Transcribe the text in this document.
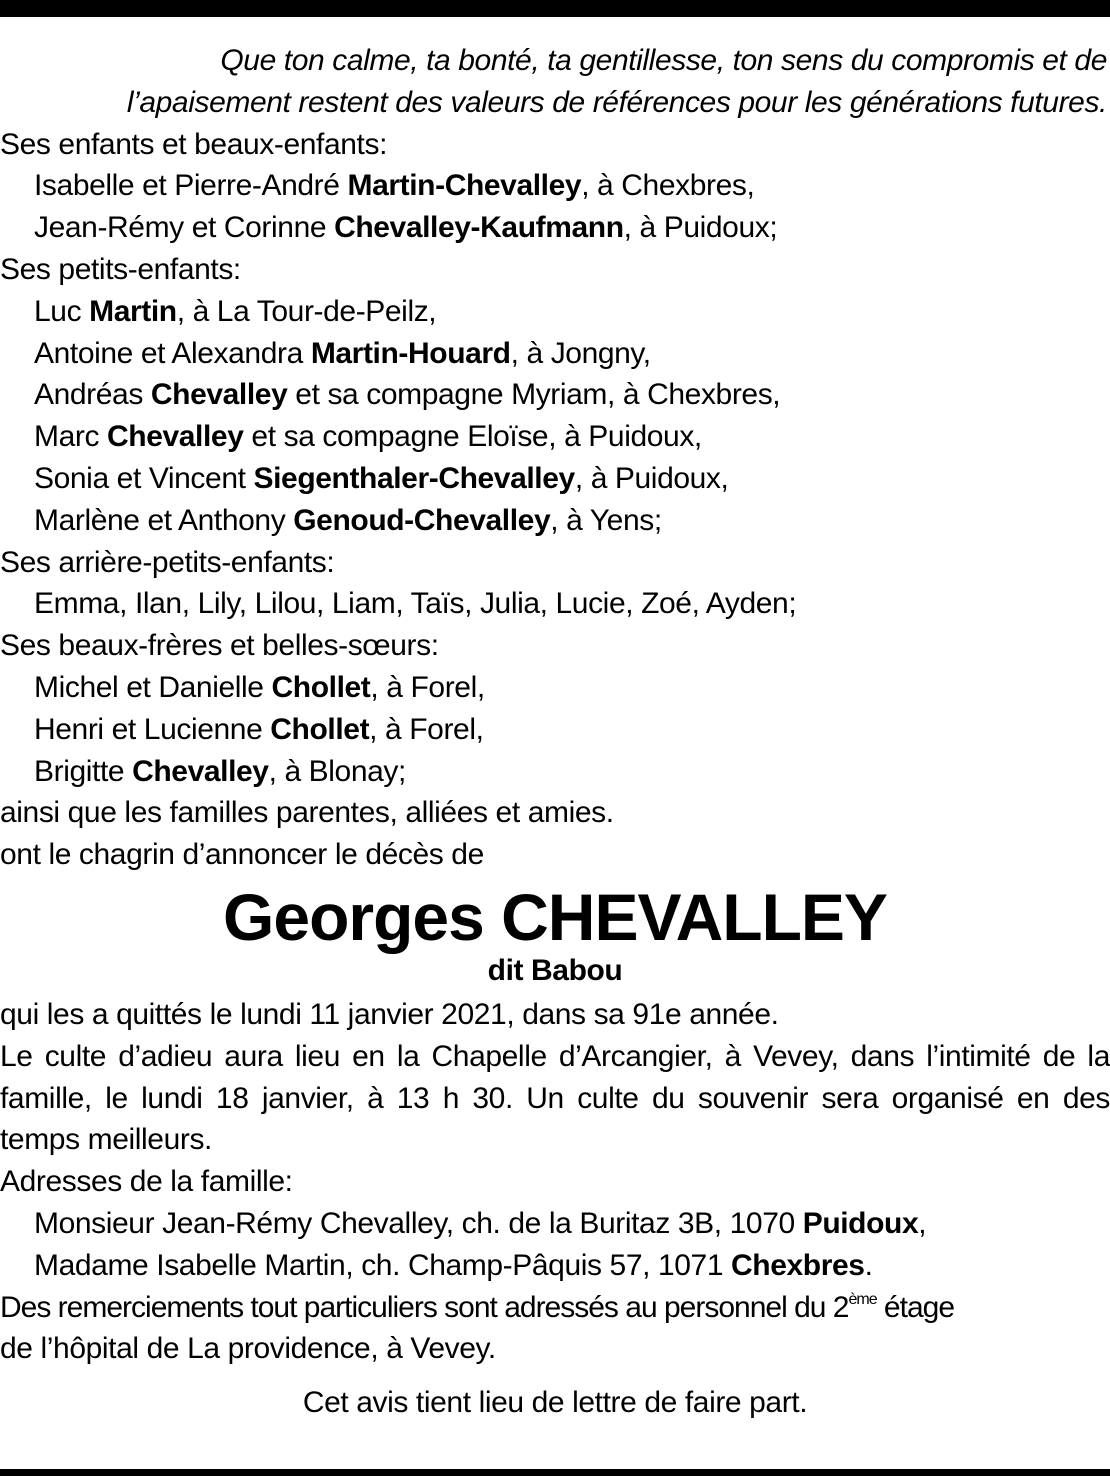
Que ton calme, ta bonté, ta gentillesse, ton sens du compromis et de
l’apaisement restent des valeurs de références pour les générations futures.
Ses enfants et beaux-enfants:
Isabelle et Pierre-André Martin-Chevalley, à Chexbres,
Jean-Rémy et Corinne Chevalley-Kaufmann, à Puidoux;
Ses petits-enfants:
Luc Martin, à La Tour-de-Peilz,
Antoine et Alexandra Martin-Houard, à Jongny,
Andréas Chevalley et sa compagne Myriam, à Chexbres,
Marc Chevalley et sa compagne Eloïse, à Puidoux,
Sonia et Vincent Siegenthaler-Chevalley, à Puidoux,
Marlène et Anthony Genoud-Chevalley, à Yens;
Ses arrière-petits-enfants:
Emma, Ilan, Lily, Lilou, Liam, Taïs, Julia, Lucie, Zoé, Ayden;
Ses beaux-frères et belles-sœurs:
Michel et Danielle Chollet, à Forel,
Henri et Lucienne Chollet, à Forel,
Brigitte Chevalley, à Blonay;
ainsi que les familles parentes, alliées et amies.
ont le chagrin d’annoncer le décès de
Georges CHEVALLEY
dit Babou
qui les a quittés le lundi 11 janvier 2021, dans sa 91e année.
Le culte d’adieu aura lieu en la Chapelle d’Arcangier, à Vevey, dans l’intimité de la famille, le lundi 18 janvier, à 13 h 30. Un culte du souvenir sera organisé en des temps meilleurs.
Adresses de la famille:
Monsieur Jean-Rémy Chevalley, ch. de la Buritaz 3B, 1070 Puidoux,
Madame Isabelle Martin, ch. Champ-Pâquis 57, 1071 Chexbres.
Des remerciements tout particuliers sont adressés au personnel du 2ème étage
de l’hôpital de La providence, à Vevey.
Cet avis tient lieu de lettre de faire part.
